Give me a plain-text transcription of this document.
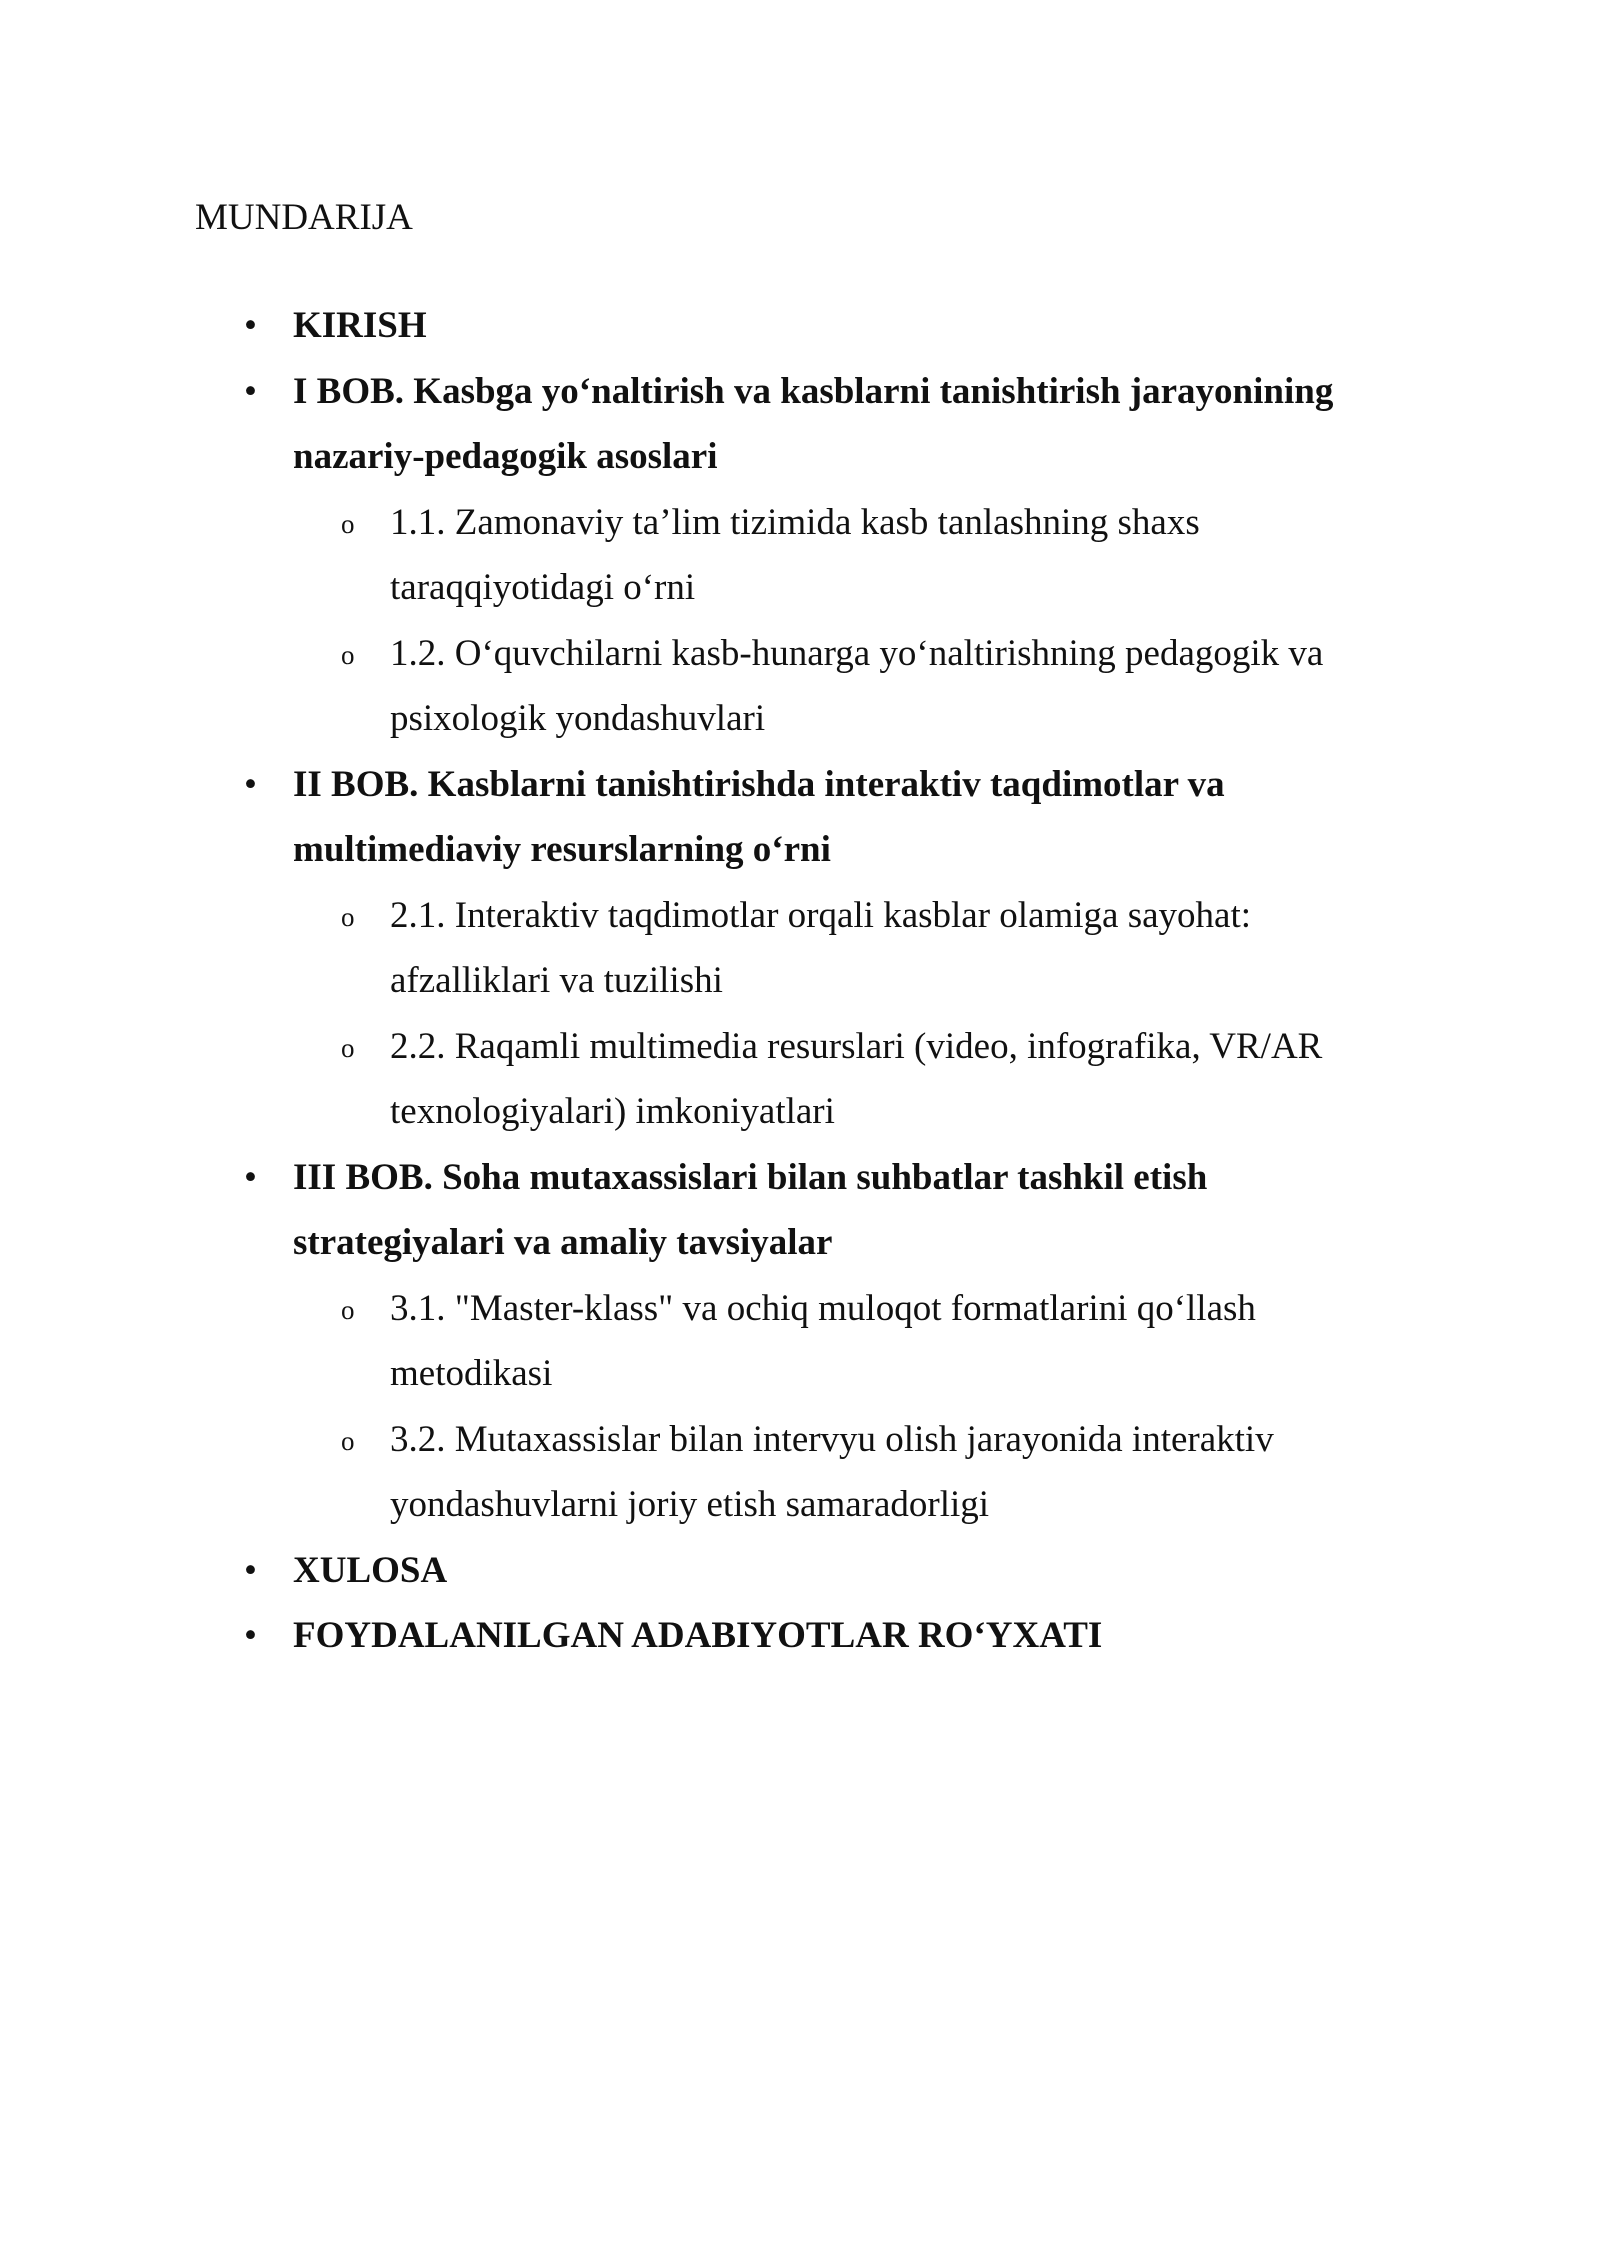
MUNDARIJA
• KIRISH
• I BOB. Kasbga yo‘naltirish va kasblarni tanishtirish jarayonining nazariy-pedagogik asoslari
o 1.1. Zamonaviy ta’lim tizimida kasb tanlashning shaxs taraqqiyotidagi o‘rni
o 1.2. O‘quvchilarni kasb-hunarga yo‘naltirishning pedagogik va psixologik yondashuvlari
• II BOB. Kasblarni tanishtirishda interaktiv taqdimotlar va multimediaviy resurslarning o‘rni
o 2.1. Interaktiv taqdimotlar orqali kasblar olamiga sayohat: afzalliklari va tuzilishi
o 2.2. Raqamli multimedia resurslari (video, infografika, VR/AR texnologiyalari) imkoniyatlari
• III BOB. Soha mutaxassislari bilan suhbatlar tashkil etish strategiyalari va amaliy tavsiyalar
o 3.1. "Master-klass" va ochiq muloqot formatlarini qo‘llash metodikasi
o 3.2. Mutaxassislar bilan intervyu olish jarayonida interaktiv yondashuvlarni joriy etish samaradorligi
• XULOSA
• FOYDALANILGAN ADABIYOTLAR RO‘YXATI
